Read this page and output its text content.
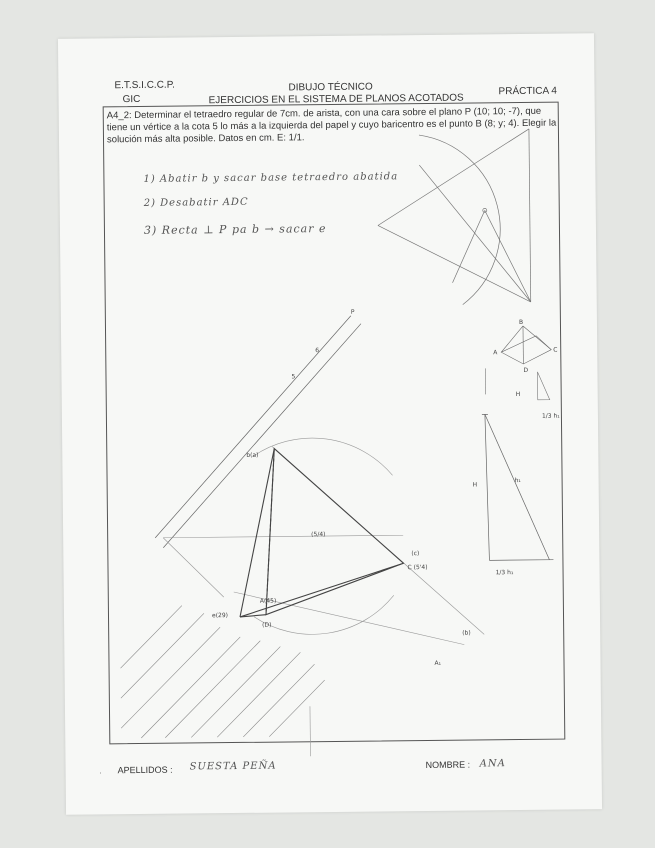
E.T.S.I.C.C.P.
GIC
DIBUJO TÉCNICO
EJERCICIOS EN EL SISTEMA DE PLANOS ACOTADOS
PRÁCTICA 4
A4_2: Determinar el tetraedro regular de 7cm. de arista, con una cara sobre el plano P (10; 10; -7), que tiene un vértice a la cota 5 lo más a la izquierda del papel y cuyo baricentro es el punto B (8; y; 4). Elegir la solución más alta posible. Datos en cm. E: 1/1.
1) Abatir b y sacar base tetraedro abatida
2) Desabatir ADC
3) Recta ⊥ P pa b → sacar e
A	C
D
B
H
1/3 h₁
H
h₁
1/3 h₁
P
6
5
b(a)
(5/4)
(c)
C (5'4)
e(29)
A(45)
(D)
(b)
A₁
. APELLIDOS : SUESTA PEÑA	NOMBRE : ANA
